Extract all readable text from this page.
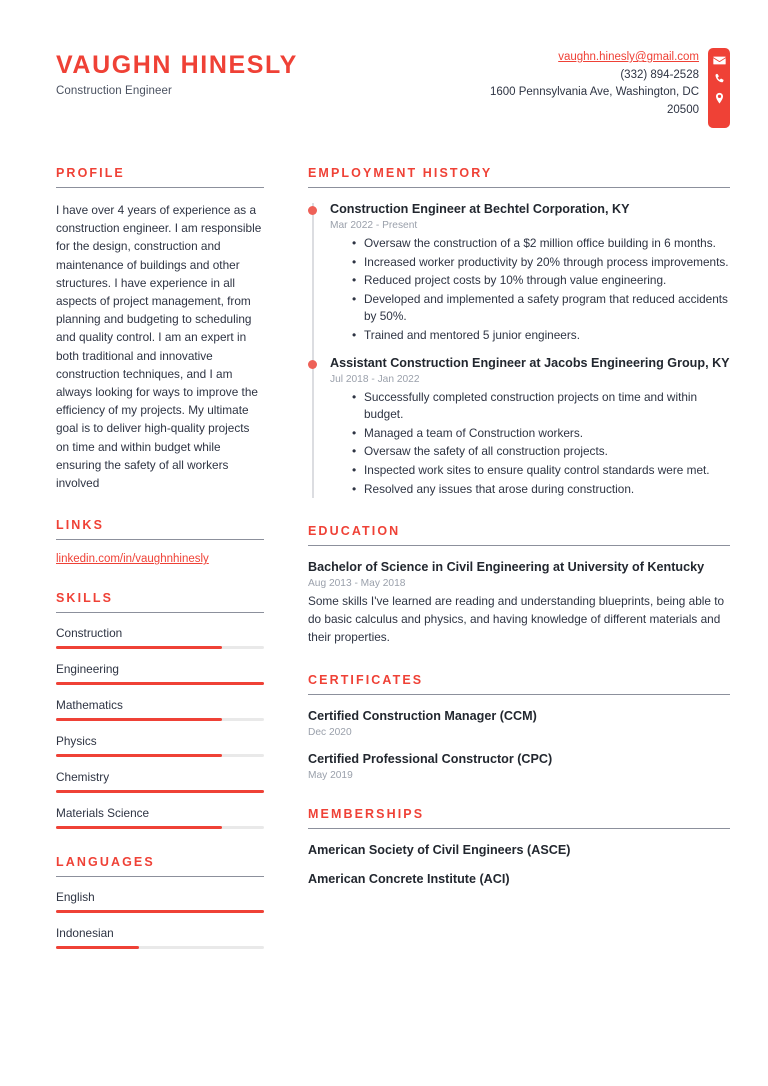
VAUGHN HINESLY

Construction Engineer

vaughn.hinesly@gmail.com
(332) 894-2528
1600 Pennsylvania Ave, Washington, DC
20500
PROFILE

I have over 4 years of experience as a construction engineer. I am responsible for the design, construction and maintenance of buildings and other structures. I have experience in all aspects of project management, from planning and budgeting to scheduling and quality control. I am an expert in both traditional and innovative construction techniques, and I am always looking for ways to improve the efficiency of my projects. My ultimate goal is to deliver high-quality projects on time and within budget while ensuring the safety of all workers involved

LINKS
linkedin.com/in/vaughnhinesly
SKILLS
Construction
Engineering
Mathematics
Physics
Chemistry
Materials Science
LANGUAGES
English
Indonesian
EMPLOYMENT HISTORY

Construction Engineer at Bechtel Corporation, KY

Mar 2022 - Present

• Oversaw the construction of a $2 million office building in 6 months.
• Increased worker productivity by 20% through process improvements.
• Reduced project costs by 10% through value engineering.
• Developed and implemented a safety program that reduced accidents by 50%.
• Trained and mentored 5 junior engineers.

Assistant Construction Engineer at Jacobs Engineering Group, KY

Jul 2018 - Jan 2022

• Successfully completed construction projects on time and within budget.
• Managed a team of Construction workers.
• Oversaw the safety of all construction projects.
• Inspected work sites to ensure quality control standards were met.
• Resolved any issues that arose during construction.
EDUCATION

Bachelor of Science in Civil Engineering at University of Kentucky

Aug 2013 - May 2018

Some skills I've learned are reading and understanding blueprints, being able to do basic calculus and physics, and having knowledge of different materials and their properties.

CERTIFICATES

Certified Construction Manager (CCM)

Dec 2020

Certified Professional Constructor (CPC)

May 2019

MEMBERSHIPS

American Society of Civil Engineers (ASCE)

American Concrete Institute (ACI)
